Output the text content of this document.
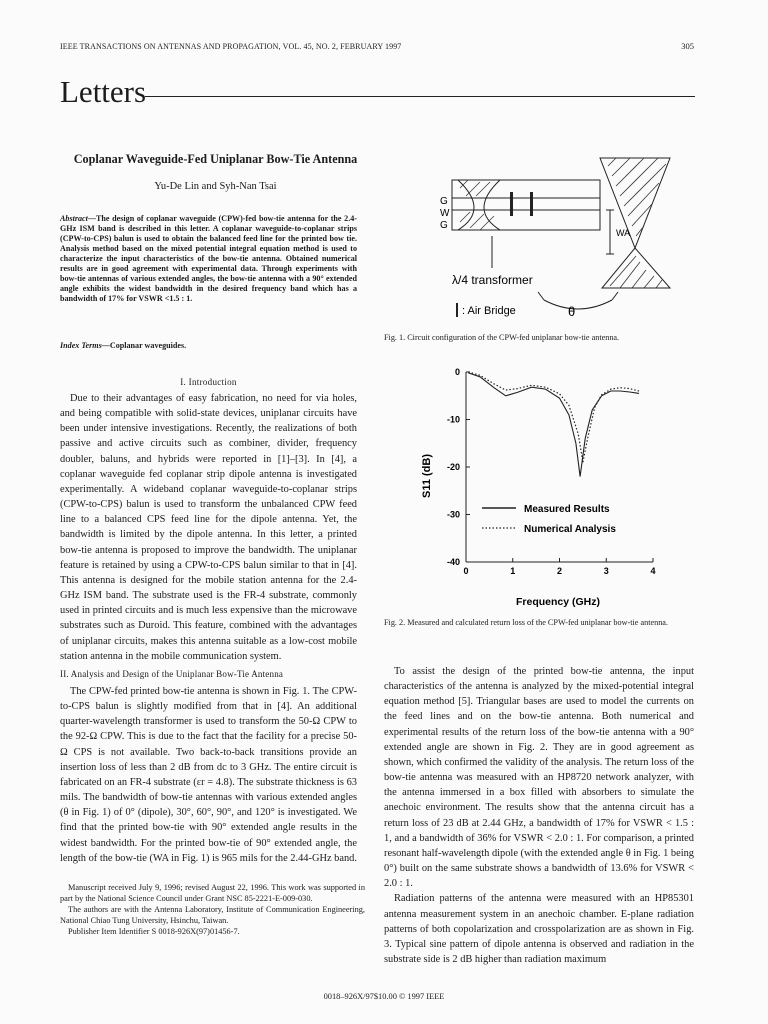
IEEE TRANSACTIONS ON ANTENNAS AND PROPAGATION, VOL. 45, NO. 2, FEBRUARY 1997	305
Letters
Coplanar Waveguide-Fed Uniplanar Bow-Tie Antenna
Yu-De Lin and Syh-Nan Tsai
Abstract—The design of coplanar waveguide (CPW)-fed bow-tie antenna for the 2.4-GHz ISM band is described in this letter. A coplanar waveguide-to-coplanar strips (CPW-to-CPS) balun is used to obtain the balanced feed line for the printed bow tie. Analysis method based on the mixed potential integral equation method is used to characterize the input characteristics of the bow-tie antenna. Obtained numerical results are in good agreement with experimental data. Through experiments with bow-tie antennas of various extended angles, the bow-tie antenna with a 90° extended angle exhibits the widest bandwidth in the desired frequency band which has a bandwidth of 17% for VSWR <1.5 : 1.
Index Terms—Coplanar waveguides.
I. Introduction

Due to their advantages of easy fabrication, no need for via holes, and being compatible with solid-state devices, uniplanar circuits have been under intensive investigations. Recently, the realizations of both passive and active circuits such as combiner, divider, frequency doubler, baluns, and hybrids were reported in [1]–[3]. In [4], a coplanar waveguide fed coplanar strip dipole antenna is investigated experimentally. A wideband coplanar waveguide-to-coplanar strips (CPW-to-CPS) balun is used to transform the unbalanced CPW feed line to a balanced CPS feed line for the dipole antenna. Yet, the bandwidth is limited by the dipole antenna. In this letter, a printed bow-tie antenna is proposed to improve the bandwidth. The uniplanar feature is retained by using a CPW-to-CPS balun similar to that in [4]. This antenna is designed for the mobile station antenna for the 2.4-GHz ISM band. The substrate used is the FR-4 substrate, commonly used in printed circuits and is much less expensive than the microwave substrates such as Duroid. This feature, combined with the advantages of uniplanar circuits, makes this antenna suitable as a low-cost mobile station antenna in the mobile communication system.

II. Analysis and Design of the Uniplanar Bow-Tie Antenna

The CPW-fed printed bow-tie antenna is shown in Fig. 1. The CPW-to-CPS balun is slightly modified from that in [4]. An additional quarter-wavelength transformer is used to transform the 50-Ω CPW to the 92-Ω CPW. This is due to the fact that the facility for a precise 50-Ω CPS is not available. Two back-to-back transitions provide an insertion loss of less than 2 dB from dc to 3 GHz. The entire circuit is fabricated on an FR-4 substrate (εr = 4.8). The substrate thickness is 63 mils. The bandwidth of bow-tie antennas with various extended angles (θ in Fig. 1) of 0° (dipole), 30°, 60°, 90°, and 120° is investigated. We find that the printed bow-tie with 90° extended angle results in the widest bandwidth. For the printed bow-tie of 90° extended angle, the length of the bow-tie (WA in Fig. 1) is 965 mils for the 2.44-GHz band.

Manuscript received July 9, 1996; revised August 22, 1996. This work was supported in part by the National Science Council under Grant NSC 85-2221-E-009-030.

The authors are with the Antenna Laboratory, Institute of Communication Engineering, National Chiao Tung University, Hsinchu, Taiwan.

Publisher Item Identifier S 0018-926X(97)01456-7.

G
W
G
WA
λ/4 transformer
: Air Bridge	θ
Fig. 1. Circuit configuration of the CPW-fed uniplanar bow-tie antenna.
0	1	2	3	4
0
-10
-20
-30
-40
S11 (dB)
Frequency (GHz)
Measured Results
Numerical Analysis
Fig. 2. Measured and calculated return loss of the CPW-fed uniplanar bow-tie antenna.

To assist the design of the printed bow-tie antenna, the input characteristics of the antenna is analyzed by the mixed-potential integral equation method [5]. Triangular bases are used to model the currents on the feed lines and on the bow-tie antenna. Both numerical and experimental results of the return loss of the bow-tie antenna with a 90° extended angle are shown in Fig. 2. They are in good agreement as shown, which confirmed the validity of the analysis. The return loss of the bow-tie antenna was measured with an HP8720 network analyzer, with the antenna immersed in a box filled with absorbers to simulate the anechoic environment. The results show that the antenna circuit has a return loss of 23 dB at 2.44 GHz, a bandwidth of 17% for VSWR < 1.5 : 1, and a bandwidth of 36% for VSWR < 2.0 : 1. For comparison, a printed resonant half-wavelength dipole (with the extended angle θ in Fig. 1 being 0°) built on the same substrate shows a bandwidth of 13.6% for VSWR < 2.0 : 1.

Radiation patterns of the antenna were measured with an HP85301 antenna measurement system in an anechoic chamber. E-plane radiation patterns of both copolarization and crosspolarization are as shown in Fig. 3. Typical sine pattern of dipole antenna is observed and radiation in the substrate side is 2 dB higher than radiation maximum

0018–926X/97$10.00 © 1997 IEEE
